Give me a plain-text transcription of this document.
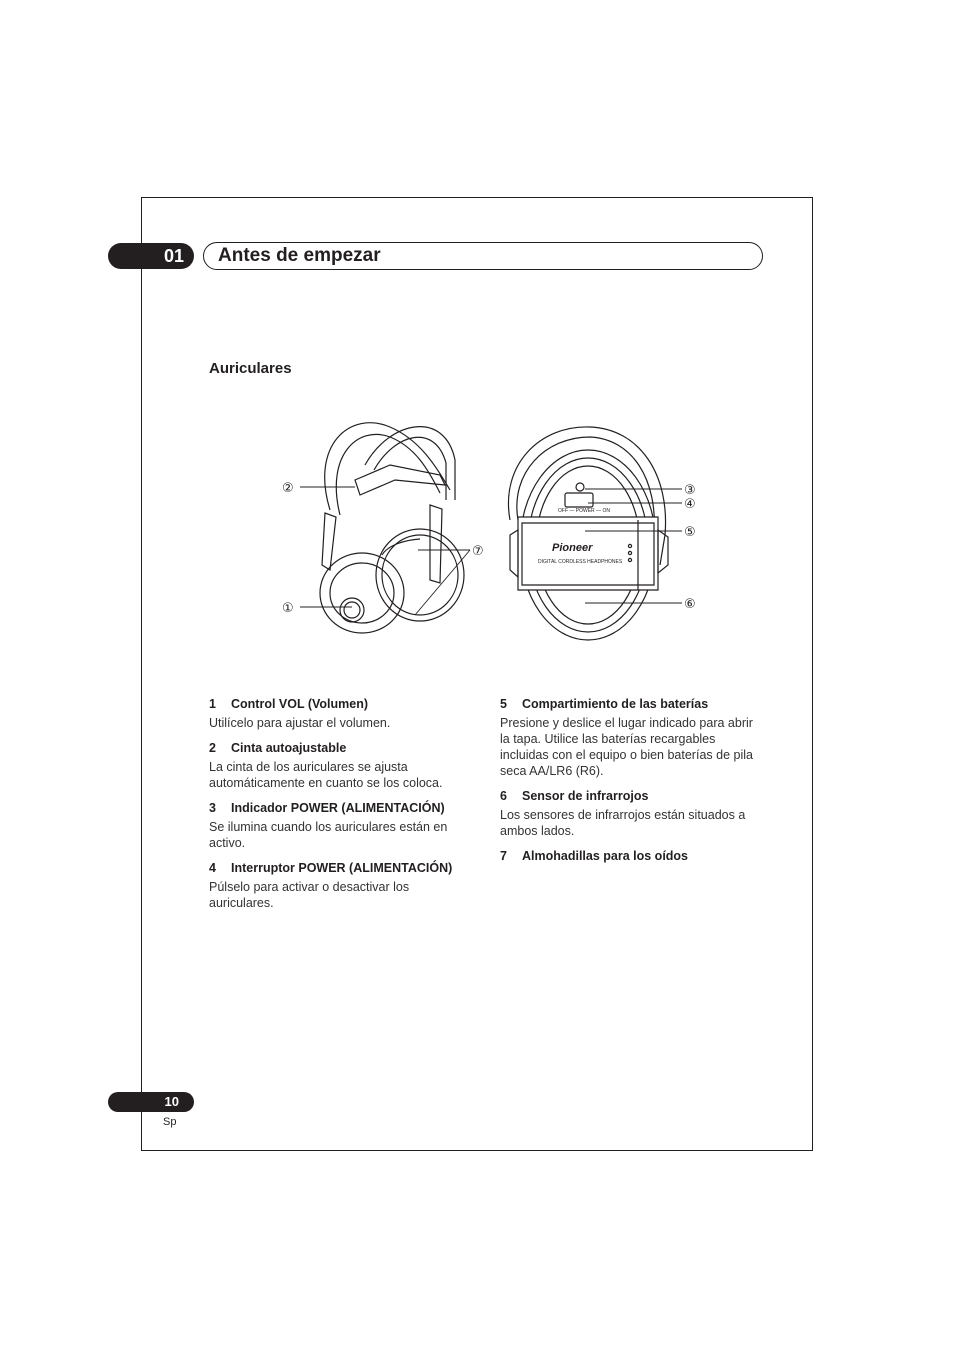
01	Antes de empezar
Auriculares
Pioneer
DIGITAL CORDLESS HEADPHONES
OFF — POWER — ON
②
①
⑦
③
④
⑤
⑥
1 Control VOL (Volumen)
Utilícelo para ajustar el volumen.
2 Cinta autoajustable
La cinta de los auriculares se ajusta automáticamente en cuanto se los coloca.
3 Indicador POWER (ALIMENTACIÓN)
Se ilumina cuando los auriculares están en activo.
4 Interruptor POWER (ALIMENTACIÓN)
Púlselo para activar o desactivar los auriculares.
5 Compartimiento de las baterías
Presione y deslice el lugar indicado para abrir la tapa. Utilice las baterías recargables incluidas con el equipo o bien baterías de pila seca AA/LR6 (R6).
6 Sensor de infrarrojos
Los sensores de infrarrojos están situados a ambos lados.
7 Almohadillas para los oídos
10
Sp
